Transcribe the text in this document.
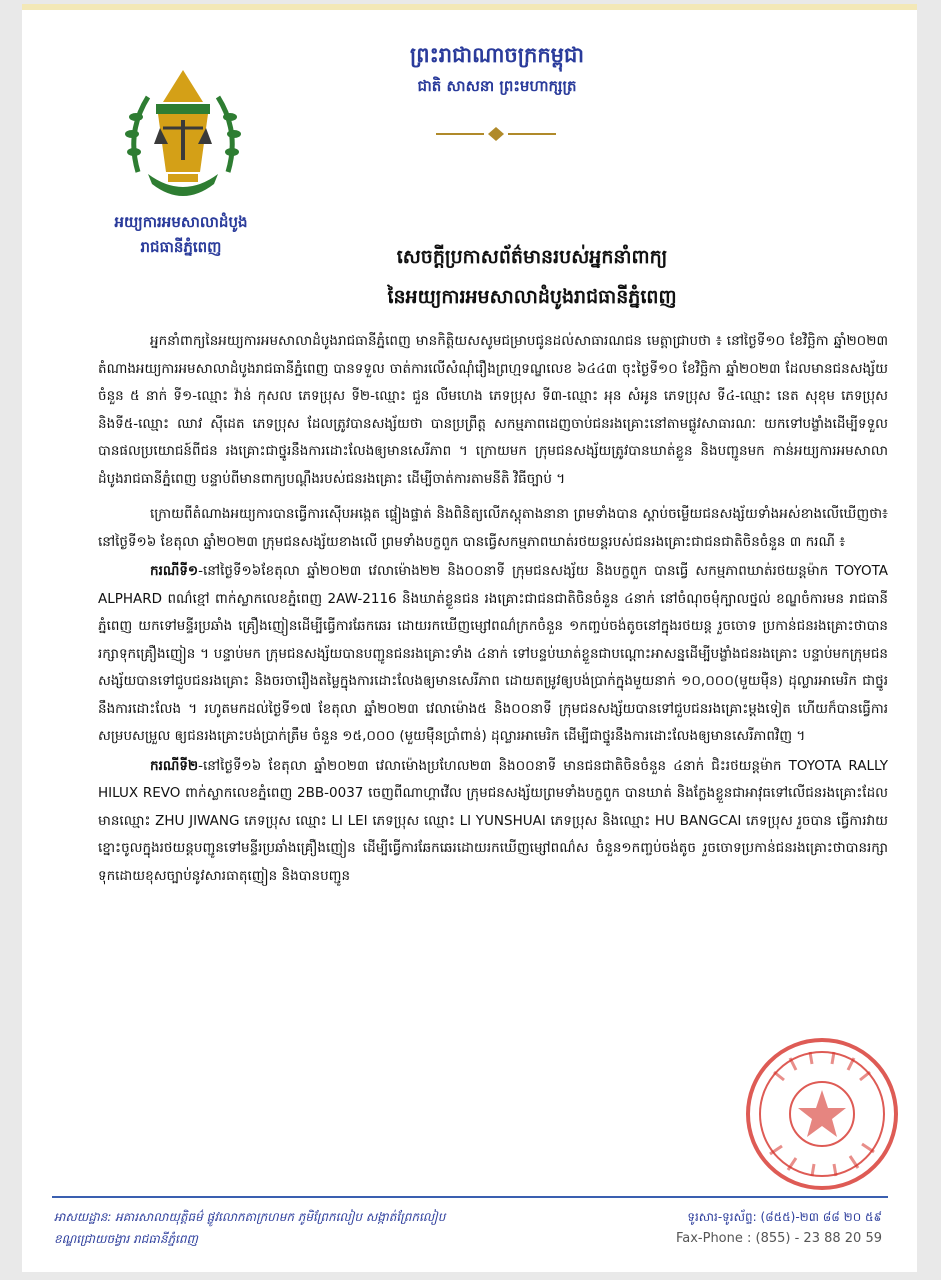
អយ្យការអមសាលាដំបូង
រាជធានីភ្នំពេញ
ព្រះរាជាណាចក្រកម្ពុជា
ជាតិ សាសនា ព្រះមហាក្សត្រ
សេចក្ដីប្រកាសព័ត៌មានរបស់អ្នកនាំពាក្យ
នៃអយ្យការអមសាលាដំបូងរាជធានីភ្នំពេញ

អ្នកនាំពាក្យនៃអយ្យការអមសាលាដំបូងរាជធានីភ្នំពេញ មានកិត្តិយសសូមជម្រាបជូនដល់សាធារណជន មេត្តាជ្រាបថា ៖ នៅថ្ងៃទី១០ ខែវិច្ឆិកា ឆ្នាំ២០២៣ តំណាងអយ្យការអមសាលាដំបូងរាជធានីភ្នំពេញ បានទទួល ចាត់ការលើសំណុំរឿងព្រហ្មទណ្ឌលេខ ៦៤៤៣ ចុះថ្ងៃទី១០ ខែវិច្ឆិកា ឆ្នាំ២០២៣ ដែលមានជនសង្ស័យចំនួន ៥ នាក់ ទី១-ឈ្មោះ វ៉ាន់ កុសល ភេទប្រុស ទី២-ឈ្មោះ ជួន លីមហេង ភេទប្រុស ទី៣-ឈ្មោះ អុន សំអូន ភេទប្រុស ទី៤-ឈ្មោះ នេត សុខុម ភេទប្រុស និងទី៥-ឈ្មោះ ឈាវ ស៊ីដេត ភេទប្រុស ដែលត្រូវបានសង្ស័យថា បានប្រព្រឹត្ត សកម្មភាពដេញចាប់ជនរងគ្រោះនៅតាមផ្លូវសាធារណៈ យកទៅបង្ខាំងដើម្បីទទួលបានផលប្រយោជន៍ពីជន រងគ្រោះជាថ្នូរនឹងការដោះលែងឲ្យមានសេរីភាព ។ ក្រោយមក ក្រុមជនសង្ស័យត្រូវបានឃាត់ខ្លួន និងបញ្ជូនមក កាន់អយ្យការអមសាលាដំបូងរាជធានីភ្នំពេញ បន្ទាប់ពីមានពាក្យបណ្ដឹងរបស់ជនរងគ្រោះ ដើម្បីចាត់ការតាមនីតិ វិធីច្បាប់ ។

ក្រោយពីតំណាងអយ្យការបានធ្វើការស៊ើបអង្កេត ផ្ទៀងផ្ទាត់ និងពិនិត្យលើភស្តុតាងនានា ព្រមទាំងបាន ស្តាប់ចម្លើយជនសង្ស័យទាំងអស់ខាងលើឃើញថា៖ នៅថ្ងៃទី១៦ ខែតុលា ឆ្នាំ២០២៣ ក្រុមជនសង្ស័យខាងលើ ព្រមទាំងបក្ខពួក បានធ្វើសកម្មភាពឃាត់រថយន្តរបស់ជនរងគ្រោះជាជនជាតិចិនចំនួន ៣ ករណី ៖

ករណីទី១-នៅថ្ងៃទី១៦ខែតុលា ឆ្នាំ២០២៣ វេលាម៉ោង២២ និង០០នាទី ក្រុមជនសង្ស័យ និងបក្ខពួក បានធ្វើ សកម្មភាពឃាត់រថយន្តម៉ាក TOYOTA ALPHARD ពណ៌ខ្មៅ ពាក់ស្លាកលេខភ្នំពេញ 2AW-2116 និងឃាត់ខ្លួនជន រងគ្រោះជាជនជាតិចិនចំនួន ៤នាក់ នៅចំណុចមុំក្បាលថ្នល់ ខណ្ឌចំការមន រាជធានីភ្នំពេញ យកទៅមន្ទីរប្រឆាំង គ្រឿងញៀនដើម្បីធ្វើការឆែកឆេរ ដោយរកឃើញម្សៅពណ៌ក្រកចំនួន ១កញ្ចប់ចង់តូចនៅក្នុងរថយន្ត រួចចោទ ប្រកាន់ជនរងគ្រោះថាបានរក្សាទុកគ្រឿងញៀន ។ បន្ទាប់មក ក្រុមជនសង្ស័យបានបញ្ជូនជនរងគ្រោះទាំង ៤នាក់ ទៅបន្ទប់ឃាត់ខ្លួនជាបណ្ដោះអាសន្នដើម្បីបង្ខាំងជនរងគ្រោះ បន្ទាប់មកក្រុមជនសង្ស័យបានទៅជួបជនរងគ្រោះ និងចរចារឿងតម្លៃក្នុងការដោះលែងឲ្យមានសេរីភាព ដោយតម្រូវឲ្យបង់ប្រាក់ក្នុងមួយនាក់ ១០,០០០(មួយម៉ឺន) ដុល្លារអាមេរិក ជាថ្នូរនឹងការដោះលែង ។ រហូតមកដល់ថ្ងៃទី១៧ ខែតុលា ឆ្នាំ២០២៣ វេលាម៉ោង៥ និង០០នាទី ក្រុមជនសង្ស័យបានទៅជួបជនរងគ្រោះម្ដងទៀត ហើយក៏បានធ្វើការសម្របសម្រួល ឲ្យជនរងគ្រោះបង់ប្រាក់ត្រឹម ចំនួន ១៥,០០០ (មួយម៉ឺនប្រាំពាន់) ដុល្លារអាមេរិក ដើម្បីជាថ្នូរនឹងការដោះលែងឲ្យមានសេរីភាពវិញ ។

ករណីទី២-នៅថ្ងៃទី១៦ ខែតុលា ឆ្នាំ២០២៣ វេលាម៉ោងប្រហែល២៣ និង០០នាទី មានជនជាតិចិនចំនួន ៤នាក់ ជិះរថយន្តម៉ាក TOYOTA RALLY HILUX REVO ពាក់ស្លាកលេខភ្នំពេញ 2BB-0037 ចេញពីណាហ្គាវើល ក្រុមជនសង្ស័យព្រមទាំងបក្ខពួក បានឃាត់ និងក្លែងខ្លួនជាអាវុធទៅលើជនរងគ្រោះដែលមានឈ្មោះ ZHU JIWANG ភេទប្រុស ឈ្មោះ LI LEI ភេទប្រុស ឈ្មោះ LI YUNSHUAI ភេទប្រុស និងឈ្មោះ HU BANGCAI ភេទប្រុស រួចបាន ធ្វើការវាយខ្នោះចូលក្នុងរថយន្តបញ្ជូនទៅមន្ទីរប្រឆាំងគ្រឿងញៀន ដើម្បីធ្វើការឆែកឆេរដោយរកឃើញម្សៅពណ៌ស ចំនួន១កញ្ចប់ចង់តូច រួចចោទប្រកាន់ជនរងគ្រោះថាបានរក្សាទុកដោយខុសច្បាប់នូវសារធាតុញៀន និងបានបញ្ជូន

អាសយដ្ឋាន: អគារសាលាយុត្តិធម៌ ផ្លូវលោកតាក្រហមក ភូមិព្រែកលៀប សង្កាត់ព្រែកលៀប
ខណ្ឌជ្រោយចង្វារ រាជធានីភ្នំពេញ
ទូរសារ-ទូរស័ព្ទ: (៨៥៥)-២៣ ៨៨ ២០ ៥៩
Fax-Phone : (855) - 23 88 20 59
